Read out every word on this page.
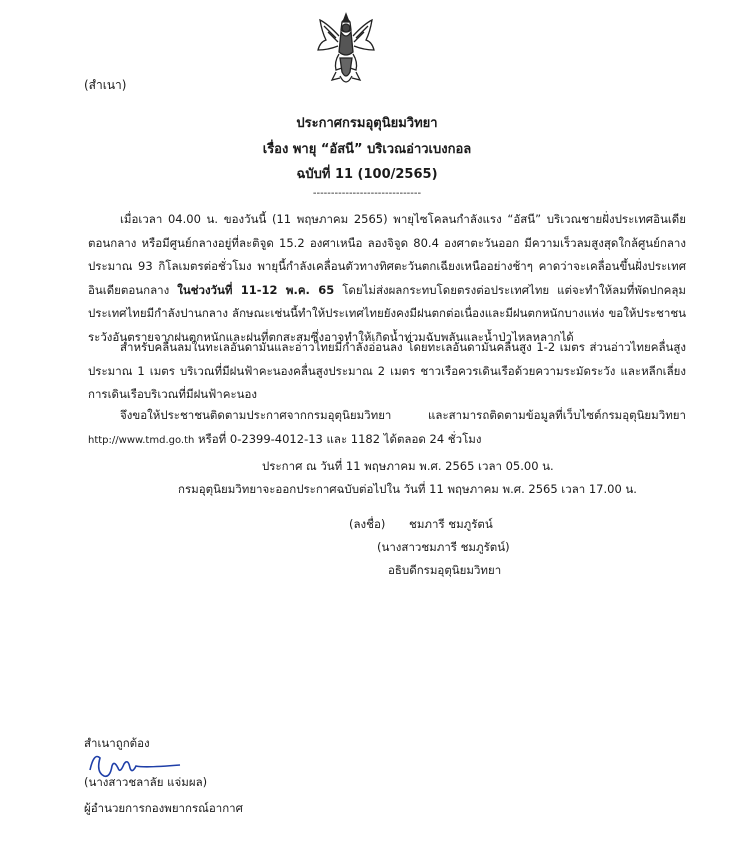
(สำเนา)
ประกาศกรมอุตุนิยมวิทยา
เรื่อง พายุ “อัสนี” บริเวณอ่าวเบงกอล
ฉบับที่ 11 (100/2565)
------------------------------
เมื่อเวลา 04.00 น. ของวันนี้ (11 พฤษภาคม 2565) พายุไซโคลนกำลังแรง “อัสนี” บริเวณชายฝั่งประเทศอินเดียตอนกลาง หรือมีศูนย์กลางอยู่ที่ละติจูด 15.2 องศาเหนือ ลองจิจูด 80.4 องศาตะวันออก มีความเร็วลมสูงสุดใกล้ศูนย์กลางประมาณ 93 กิโลเมตรต่อชั่วโมง พายุนี้กำลังเคลื่อนตัวทางทิศตะวันตกเฉียงเหนืออย่างช้าๆ คาดว่าจะเคลื่อนขึ้นฝั่งประเทศอินเดียตอนกลาง ในช่วงวันที่ 11-12 พ.ค. 65 โดยไม่ส่งผลกระทบโดยตรงต่อประเทศไทย แต่จะทำให้ลมที่พัดปกคลุมประเทศไทยมีกำลังปานกลาง ลักษณะเช่นนี้ทำให้ประเทศไทยยังคงมีฝนตกต่อเนื่องและมีฝนตกหนักบางแห่ง ขอให้ประชาชนระวังอันตรายจากฝนตกหนักและฝนที่ตกสะสมซึ่งอาจทำให้เกิดน้ำท่วมฉับพลันและน้ำป่าไหลหลากได้
สำหรับคลื่นลมในทะเลอันดามันและอ่าวไทยมีกำลังอ่อนลง โดยทะเลอันดามันคลื่นสูง 1-2 เมตร ส่วนอ่าวไทยคลื่นสูงประมาณ 1 เมตร บริเวณที่มีฝนฟ้าคะนองคลื่นสูงประมาณ 2 เมตร ชาวเรือควรเดินเรือด้วยความระมัดระวัง และหลีกเลี่ยงการเดินเรือบริเวณที่มีฝนฟ้าคะนอง
จึงขอให้ประชาชนติดตามประกาศจากกรมอุตุนิยมวิทยา และสามารถติดตามข้อมูลที่เว็บไซต์กรมอุตุนิยมวิทยา http://www.tmd.go.th หรือที่ 0-2399-4012-13 และ 1182 ได้ตลอด 24 ชั่วโมง
ประกาศ ณ วันที่ 11 พฤษภาคม พ.ศ. 2565 เวลา 05.00 น.
กรมอุตุนิยมวิทยาจะออกประกาศฉบับต่อไปใน วันที่ 11 พฤษภาคม พ.ศ. 2565 เวลา 17.00 น.
(ลงชื่อ) ชมภารี ชมภูรัตน์
(นางสาวชมภารี ชมภูรัตน์)
อธิบดีกรมอุตุนิยมวิทยา
สำเนาถูกต้อง
(นางสาวชลาลัย แจ่มผล)
ผู้อำนวยการกองพยากรณ์อากาศ
